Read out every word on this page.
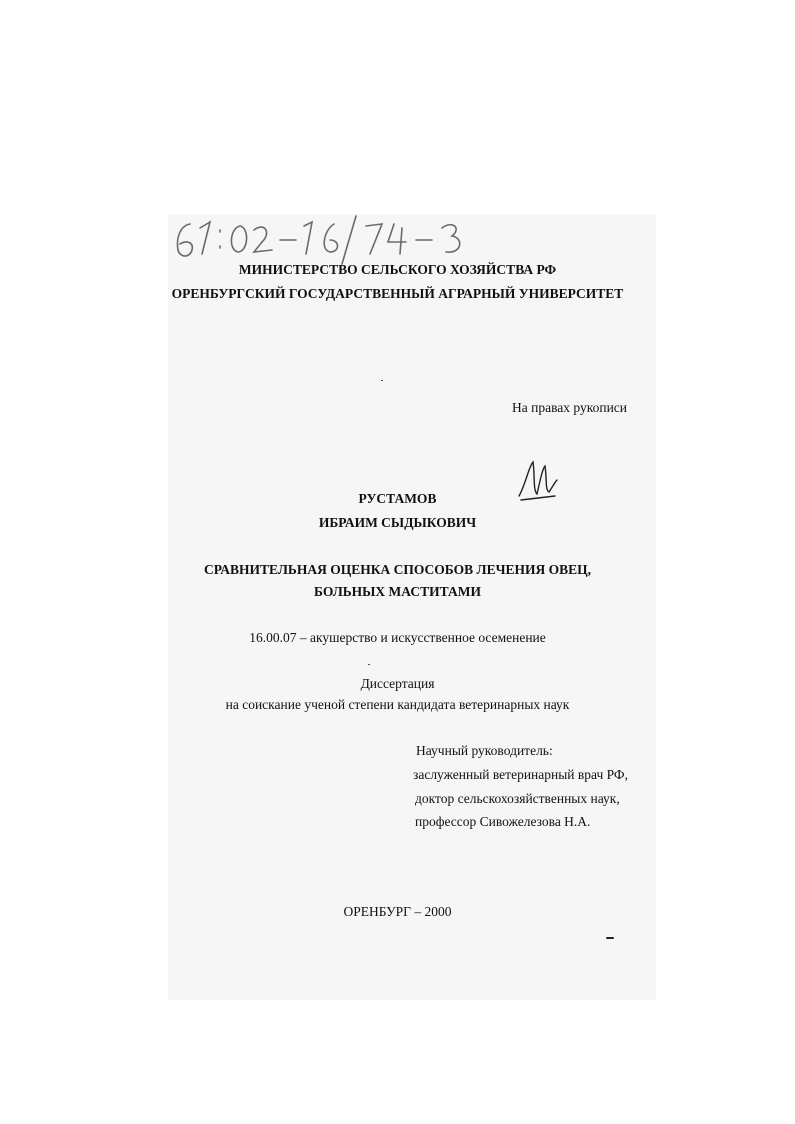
МИНИСТЕРСТВО СЕЛЬСКОГО ХОЗЯЙСТВА РФ
ОРЕНБУРГСКИЙ ГОСУДАРСТВЕННЫЙ АГРАРНЫЙ УНИВЕРСИТЕТ
На правах рукописи
РУСТАМОВ
ИБРАИМ СЫДЫКОВИЧ
СРАВНИТЕЛЬНАЯ ОЦЕНКА СПОСОБОВ ЛЕЧЕНИЯ ОВЕЦ,
БОЛЬНЫХ МАСТИТАМИ
16.00.07 – акушерство и искусственное осеменение
Диссертация
на соискание ученой степени кандидата ветеринарных наук
Научный руководитель:
заслуженный ветеринарный врач РФ,
доктор сельскохозяйственных наук,
профессор Сивожелезова Н.А.
ОРЕНБУРГ – 2000
